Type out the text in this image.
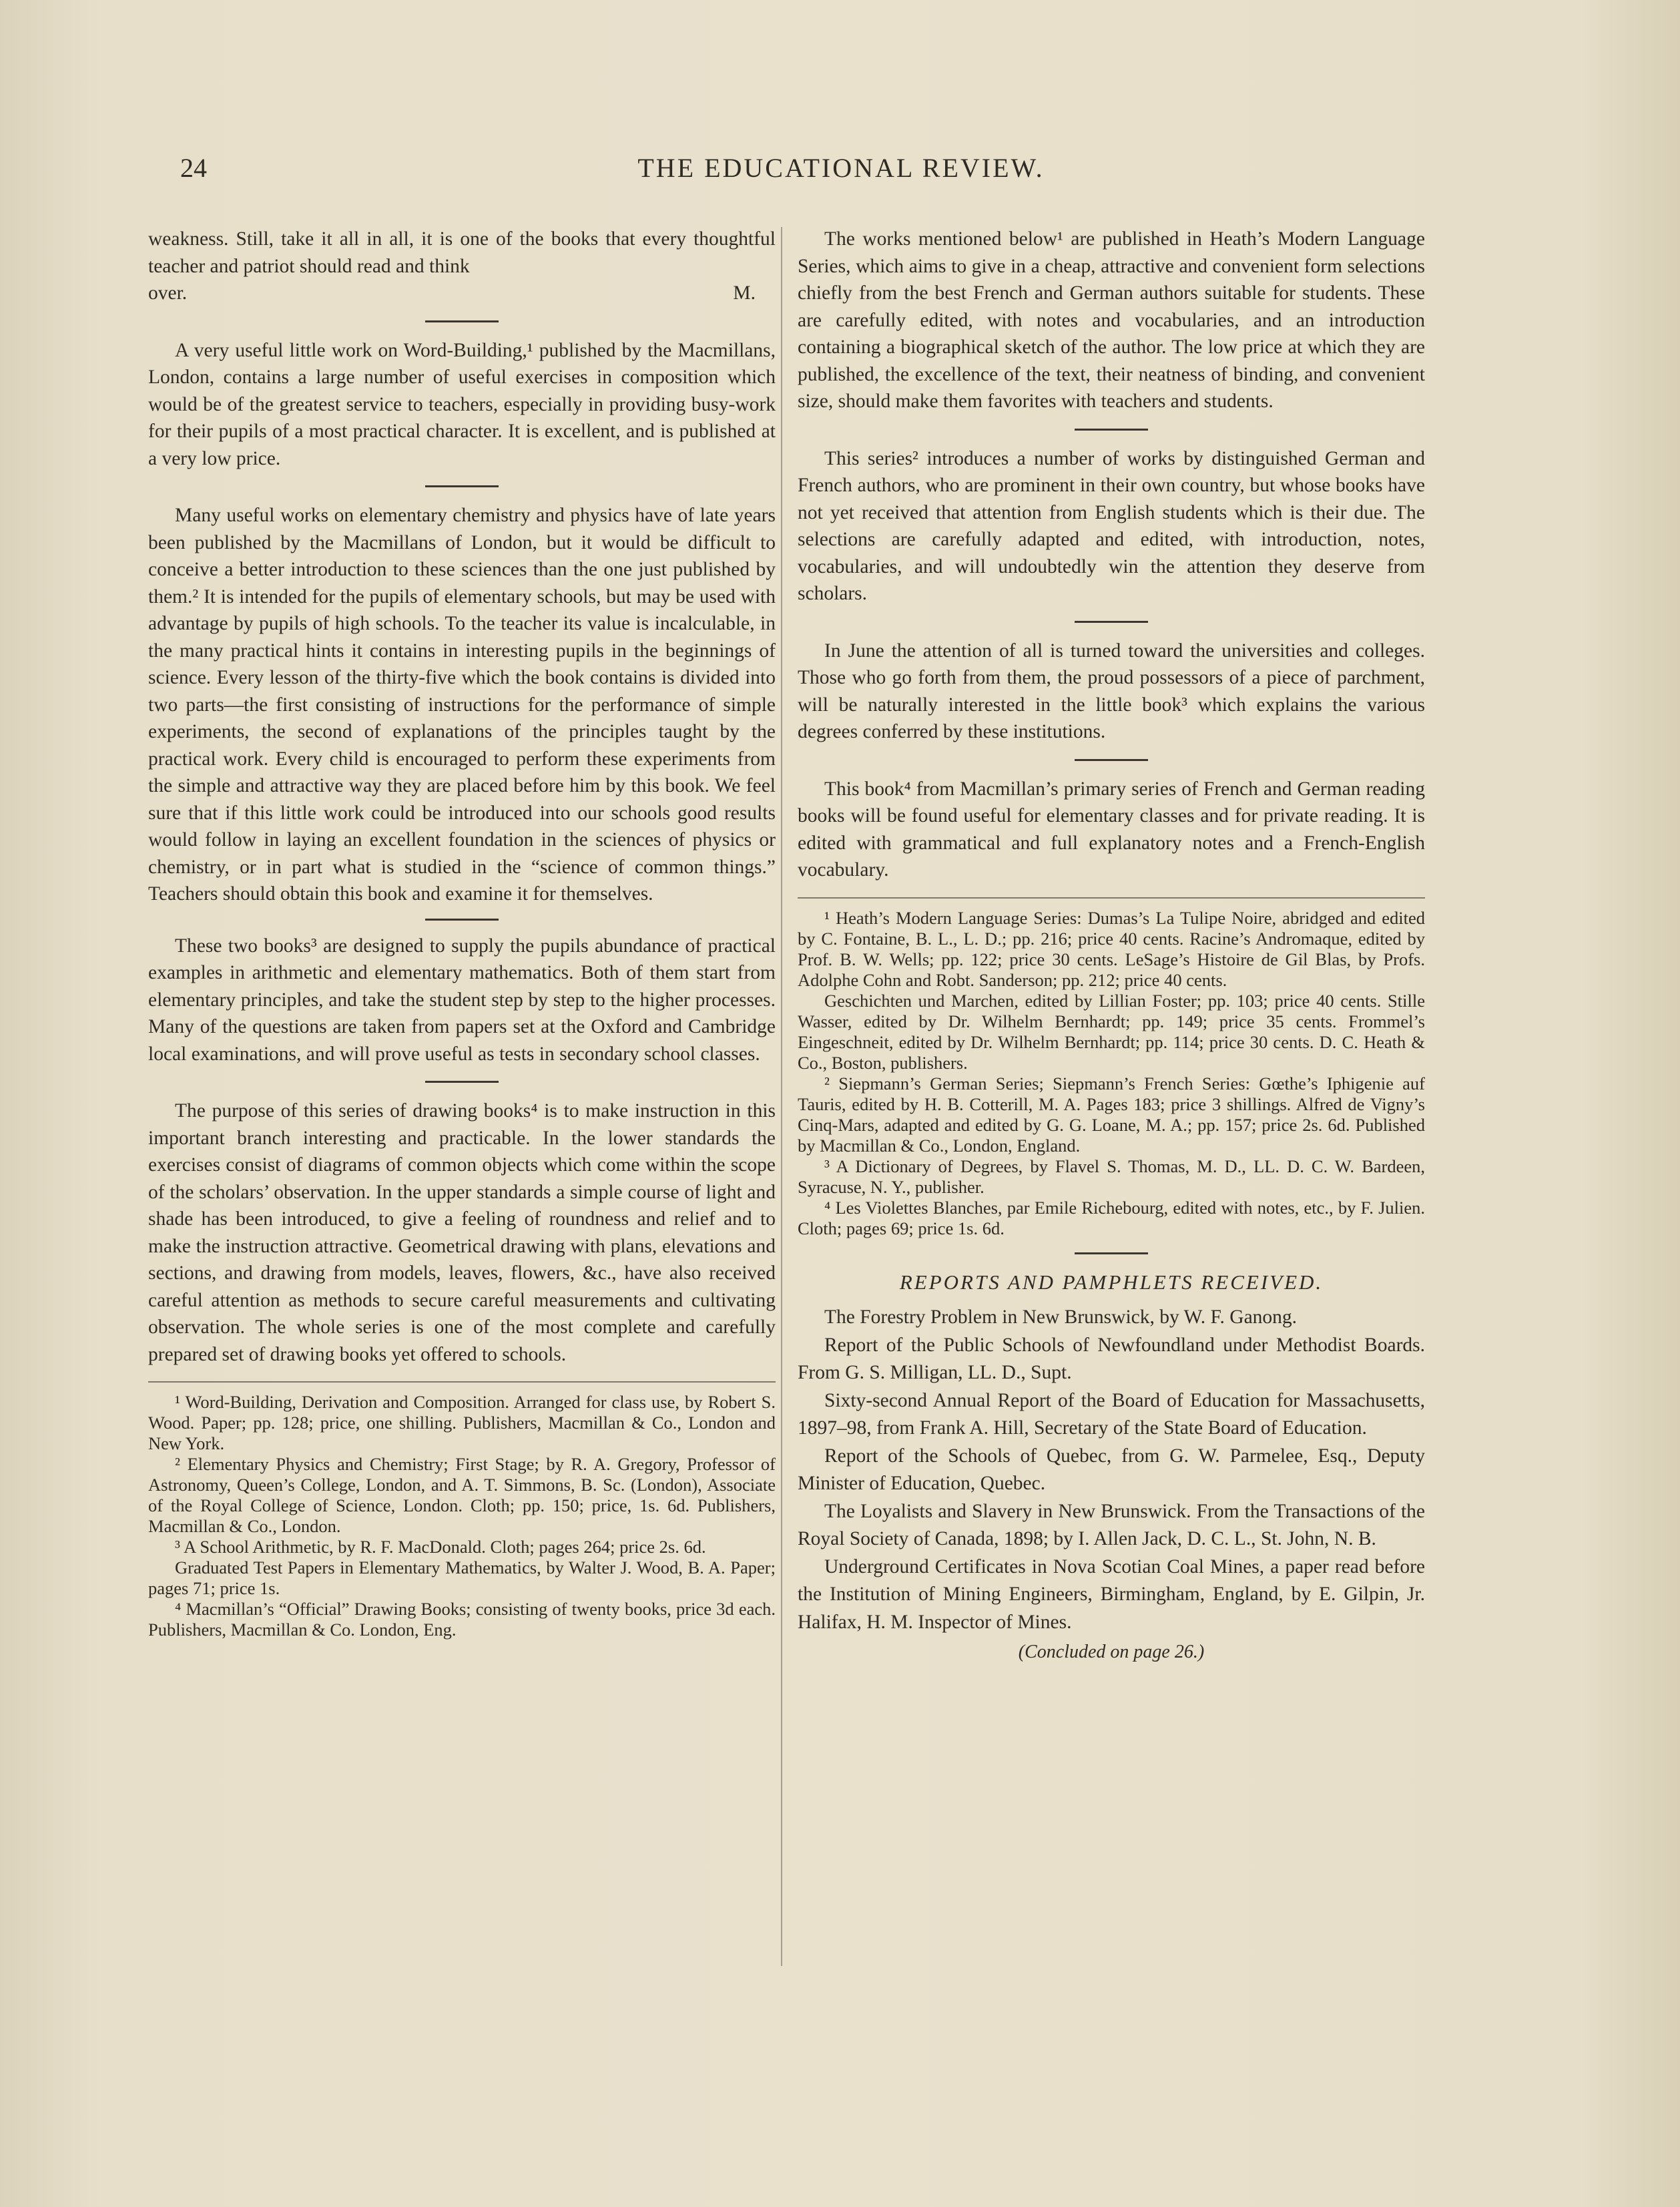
24	THE EDUCATIONAL REVIEW.

weakness. Still, take it all in all, it is one of the books that every thoughtful teacher and patriot should read and think

over.	M.

A very useful little work on Word-Building,¹ published by the Macmillans, London, contains a large number of useful exercises in composition which would be of the greatest service to teachers, especially in providing busy-work for their pupils of a most practical character. It is excellent, and is published at a very low price.

Many useful works on elementary chemistry and physics have of late years been published by the Macmillans of London, but it would be difficult to conceive a better introduction to these sciences than the one just published by them.² It is intended for the pupils of elementary schools, but may be used with advantage by pupils of high schools. To the teacher its value is incalculable, in the many practical hints it contains in interesting pupils in the beginnings of science. Every lesson of the thirty-five which the book contains is divided into two parts—the first consisting of instructions for the performance of simple experiments, the second of explanations of the principles taught by the practical work. Every child is encouraged to perform these experiments from the simple and attractive way they are placed before him by this book. We feel sure that if this little work could be introduced into our schools good results would follow in laying an excellent foundation in the sciences of physics or chemistry, or in part what is studied in the “science of common things.” Teachers should obtain this book and examine it for themselves.

These two books³ are designed to supply the pupils abundance of practical examples in arithmetic and elementary mathematics. Both of them start from elementary principles, and take the student step by step to the higher processes. Many of the questions are taken from papers set at the Oxford and Cambridge local examinations, and will prove useful as tests in secondary school classes.

The purpose of this series of drawing books⁴ is to make instruction in this important branch interesting and practicable. In the lower standards the exercises consist of diagrams of common objects which come within the scope of the scholars’ observation. In the upper standards a simple course of light and shade has been introduced, to give a feeling of roundness and relief and to make the instruction attractive. Geometrical drawing with plans, elevations and sections, and drawing from models, leaves, flowers, &c., have also received careful attention as methods to secure careful measurements and cultivating observation. The whole series is one of the most complete and carefully prepared set of drawing books yet offered to schools.

¹ Word-Building, Derivation and Composition. Arranged for class use, by Robert S. Wood. Paper; pp. 128; price, one shilling. Publishers, Macmillan & Co., London and New York.

² Elementary Physics and Chemistry; First Stage; by R. A. Gregory, Professor of Astronomy, Queen’s College, London, and A. T. Simmons, B. Sc. (London), Associate of the Royal College of Science, London. Cloth; pp. 150; price, 1s. 6d. Publishers, Macmillan & Co., London.

³ A School Arithmetic, by R. F. MacDonald. Cloth; pages 264; price 2s. 6d.

Graduated Test Papers in Elementary Mathematics, by Walter J. Wood, B. A. Paper; pages 71; price 1s.

⁴ Macmillan’s “Official” Drawing Books; consisting of twenty books, price 3d each. Publishers, Macmillan & Co. London, Eng.

The works mentioned below¹ are published in Heath’s Modern Language Series, which aims to give in a cheap, attractive and convenient form selections chiefly from the best French and German authors suitable for students. These are carefully edited, with notes and vocabularies, and an introduction containing a biographical sketch of the author. The low price at which they are published, the excellence of the text, their neatness of binding, and convenient size, should make them favorites with teachers and students.

This series² introduces a number of works by distinguished German and French authors, who are prominent in their own country, but whose books have not yet received that attention from English students which is their due. The selections are carefully adapted and edited, with introduction, notes, vocabularies, and will undoubtedly win the attention they deserve from scholars.

In June the attention of all is turned toward the universities and colleges. Those who go forth from them, the proud possessors of a piece of parchment, will be naturally interested in the little book³ which explains the various degrees conferred by these institutions.

This book⁴ from Macmillan’s primary series of French and German reading books will be found useful for elementary classes and for private reading. It is edited with grammatical and full explanatory notes and a French-English vocabulary.

¹ Heath’s Modern Language Series: Dumas’s La Tulipe Noire, abridged and edited by C. Fontaine, B. L., L. D.; pp. 216; price 40 cents. Racine’s Andromaque, edited by Prof. B. W. Wells; pp. 122; price 30 cents. LeSage’s Histoire de Gil Blas, by Profs. Adolphe Cohn and Robt. Sanderson; pp. 212; price 40 cents.

Geschichten und Marchen, edited by Lillian Foster; pp. 103; price 40 cents. Stille Wasser, edited by Dr. Wilhelm Bernhardt; pp. 149; price 35 cents. Frommel’s Eingeschneit, edited by Dr. Wilhelm Bernhardt; pp. 114; price 30 cents. D. C. Heath & Co., Boston, publishers.

² Siepmann’s German Series; Siepmann’s French Series: Gœthe’s Iphigenie auf Tauris, edited by H. B. Cotterill, M. A. Pages 183; price 3 shillings. Alfred de Vigny’s Cinq-Mars, adapted and edited by G. G. Loane, M. A.; pp. 157; price 2s. 6d. Published by Macmillan & Co., London, England.

³ A Dictionary of Degrees, by Flavel S. Thomas, M. D., LL. D. C. W. Bardeen, Syracuse, N. Y., publisher.

⁴ Les Violettes Blanches, par Emile Richebourg, edited with notes, etc., by F. Julien. Cloth; pages 69; price 1s. 6d.

REPORTS AND PAMPHLETS RECEIVED.

The Forestry Problem in New Brunswick, by W. F. Ganong.

Report of the Public Schools of Newfoundland under Methodist Boards. From G. S. Milligan, LL. D., Supt.

Sixty-second Annual Report of the Board of Education for Massachusetts, 1897–98, from Frank A. Hill, Secretary of the State Board of Education.

Report of the Schools of Quebec, from G. W. Parmelee, Esq., Deputy Minister of Education, Quebec.

The Loyalists and Slavery in New Brunswick. From the Transactions of the Royal Society of Canada, 1898; by I. Allen Jack, D. C. L., St. John, N. B.

Underground Certificates in Nova Scotian Coal Mines, a paper read before the Institution of Mining Engineers, Birmingham, England, by E. Gilpin, Jr. Halifax, H. M. Inspector of Mines.

(Concluded on page 26.)
